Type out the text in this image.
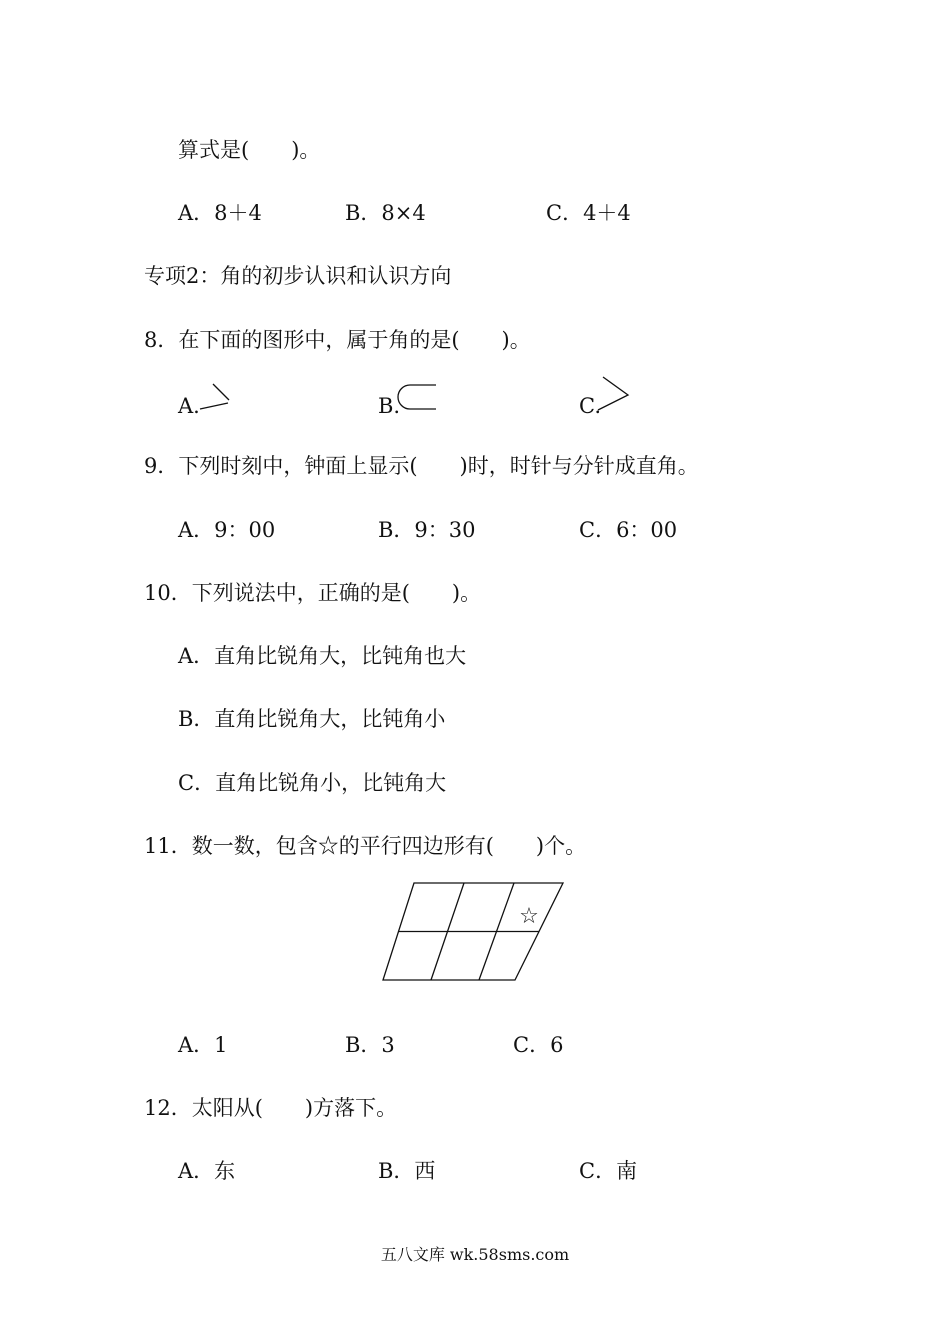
算式是(　　)。
A．8＋4	B．8×4	C．4＋4
专项2：角的初步认识和认识方向
8．在下面的图形中，属于角的是(　　)。
A.	B.	C.
9．下列时刻中，钟面上显示(　　)时，时针与分针成直角。
A．9：00	B．9：30	C．6：00
10．下列说法中，正确的是(　　)。
A．直角比锐角大，比钝角也大
B．直角比锐角大，比钝角小
C．直角比锐角小，比钝角大
11．数一数，包含☆的平行四边形有(　　)个。
☆
A．1	B．3	C．6
12．太阳从(　　)方落下。
A．东	B．西	C．南
五八文库 wk.58sms.com
